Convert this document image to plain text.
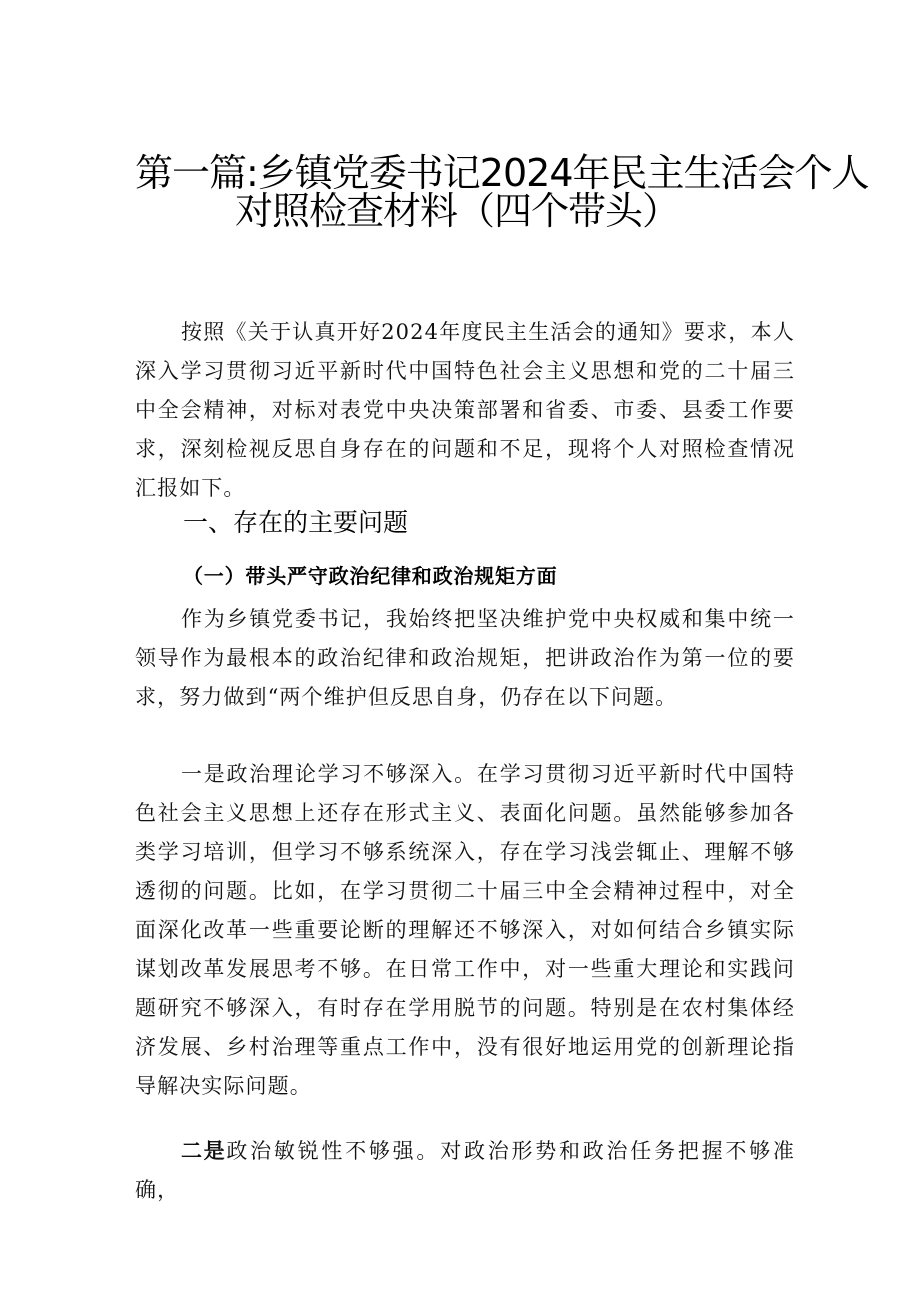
第一篇:乡镇党委书记2024年民主生活会个人
对照检查材料（四个带头）
按照《关于认真开好2024年度民主生活会的通知》要求，本人深入学习贯彻习近平新时代中国特色社会主义思想和党的二十届三中全会精神，对标对表党中央决策部署和省委、市委、县委工作要求，深刻检视反思自身存在的问题和不足，现将个人对照检查情况汇报如下。
一、存在的主要问题
（一）带头严守政治纪律和政治规矩方面
作为乡镇党委书记，我始终把坚决维护党中央权威和集中统一领导作为最根本的政治纪律和政治规矩，把讲政治作为第一位的要求，努力做到“两个维护但反思自身，仍存在以下问题。
一是政治理论学习不够深入。在学习贯彻习近平新时代中国特色社会主义思想上还存在形式主义、表面化问题。虽然能够参加各类学习培训，但学习不够系统深入，存在学习浅尝辄止、理解不够透彻的问题。比如，在学习贯彻二十届三中全会精神过程中，对全面深化改革一些重要论断的理解还不够深入，对如何结合乡镇实际谋划改革发展思考不够。在日常工作中，对一些重大理论和实践问题研究不够深入，有时存在学用脱节的问题。特别是在农村集体经济发展、乡村治理等重点工作中，没有很好地运用党的创新理论指导解决实际问题。
二是政治敏锐性不够强。对政治形势和政治任务把握不够准确，
